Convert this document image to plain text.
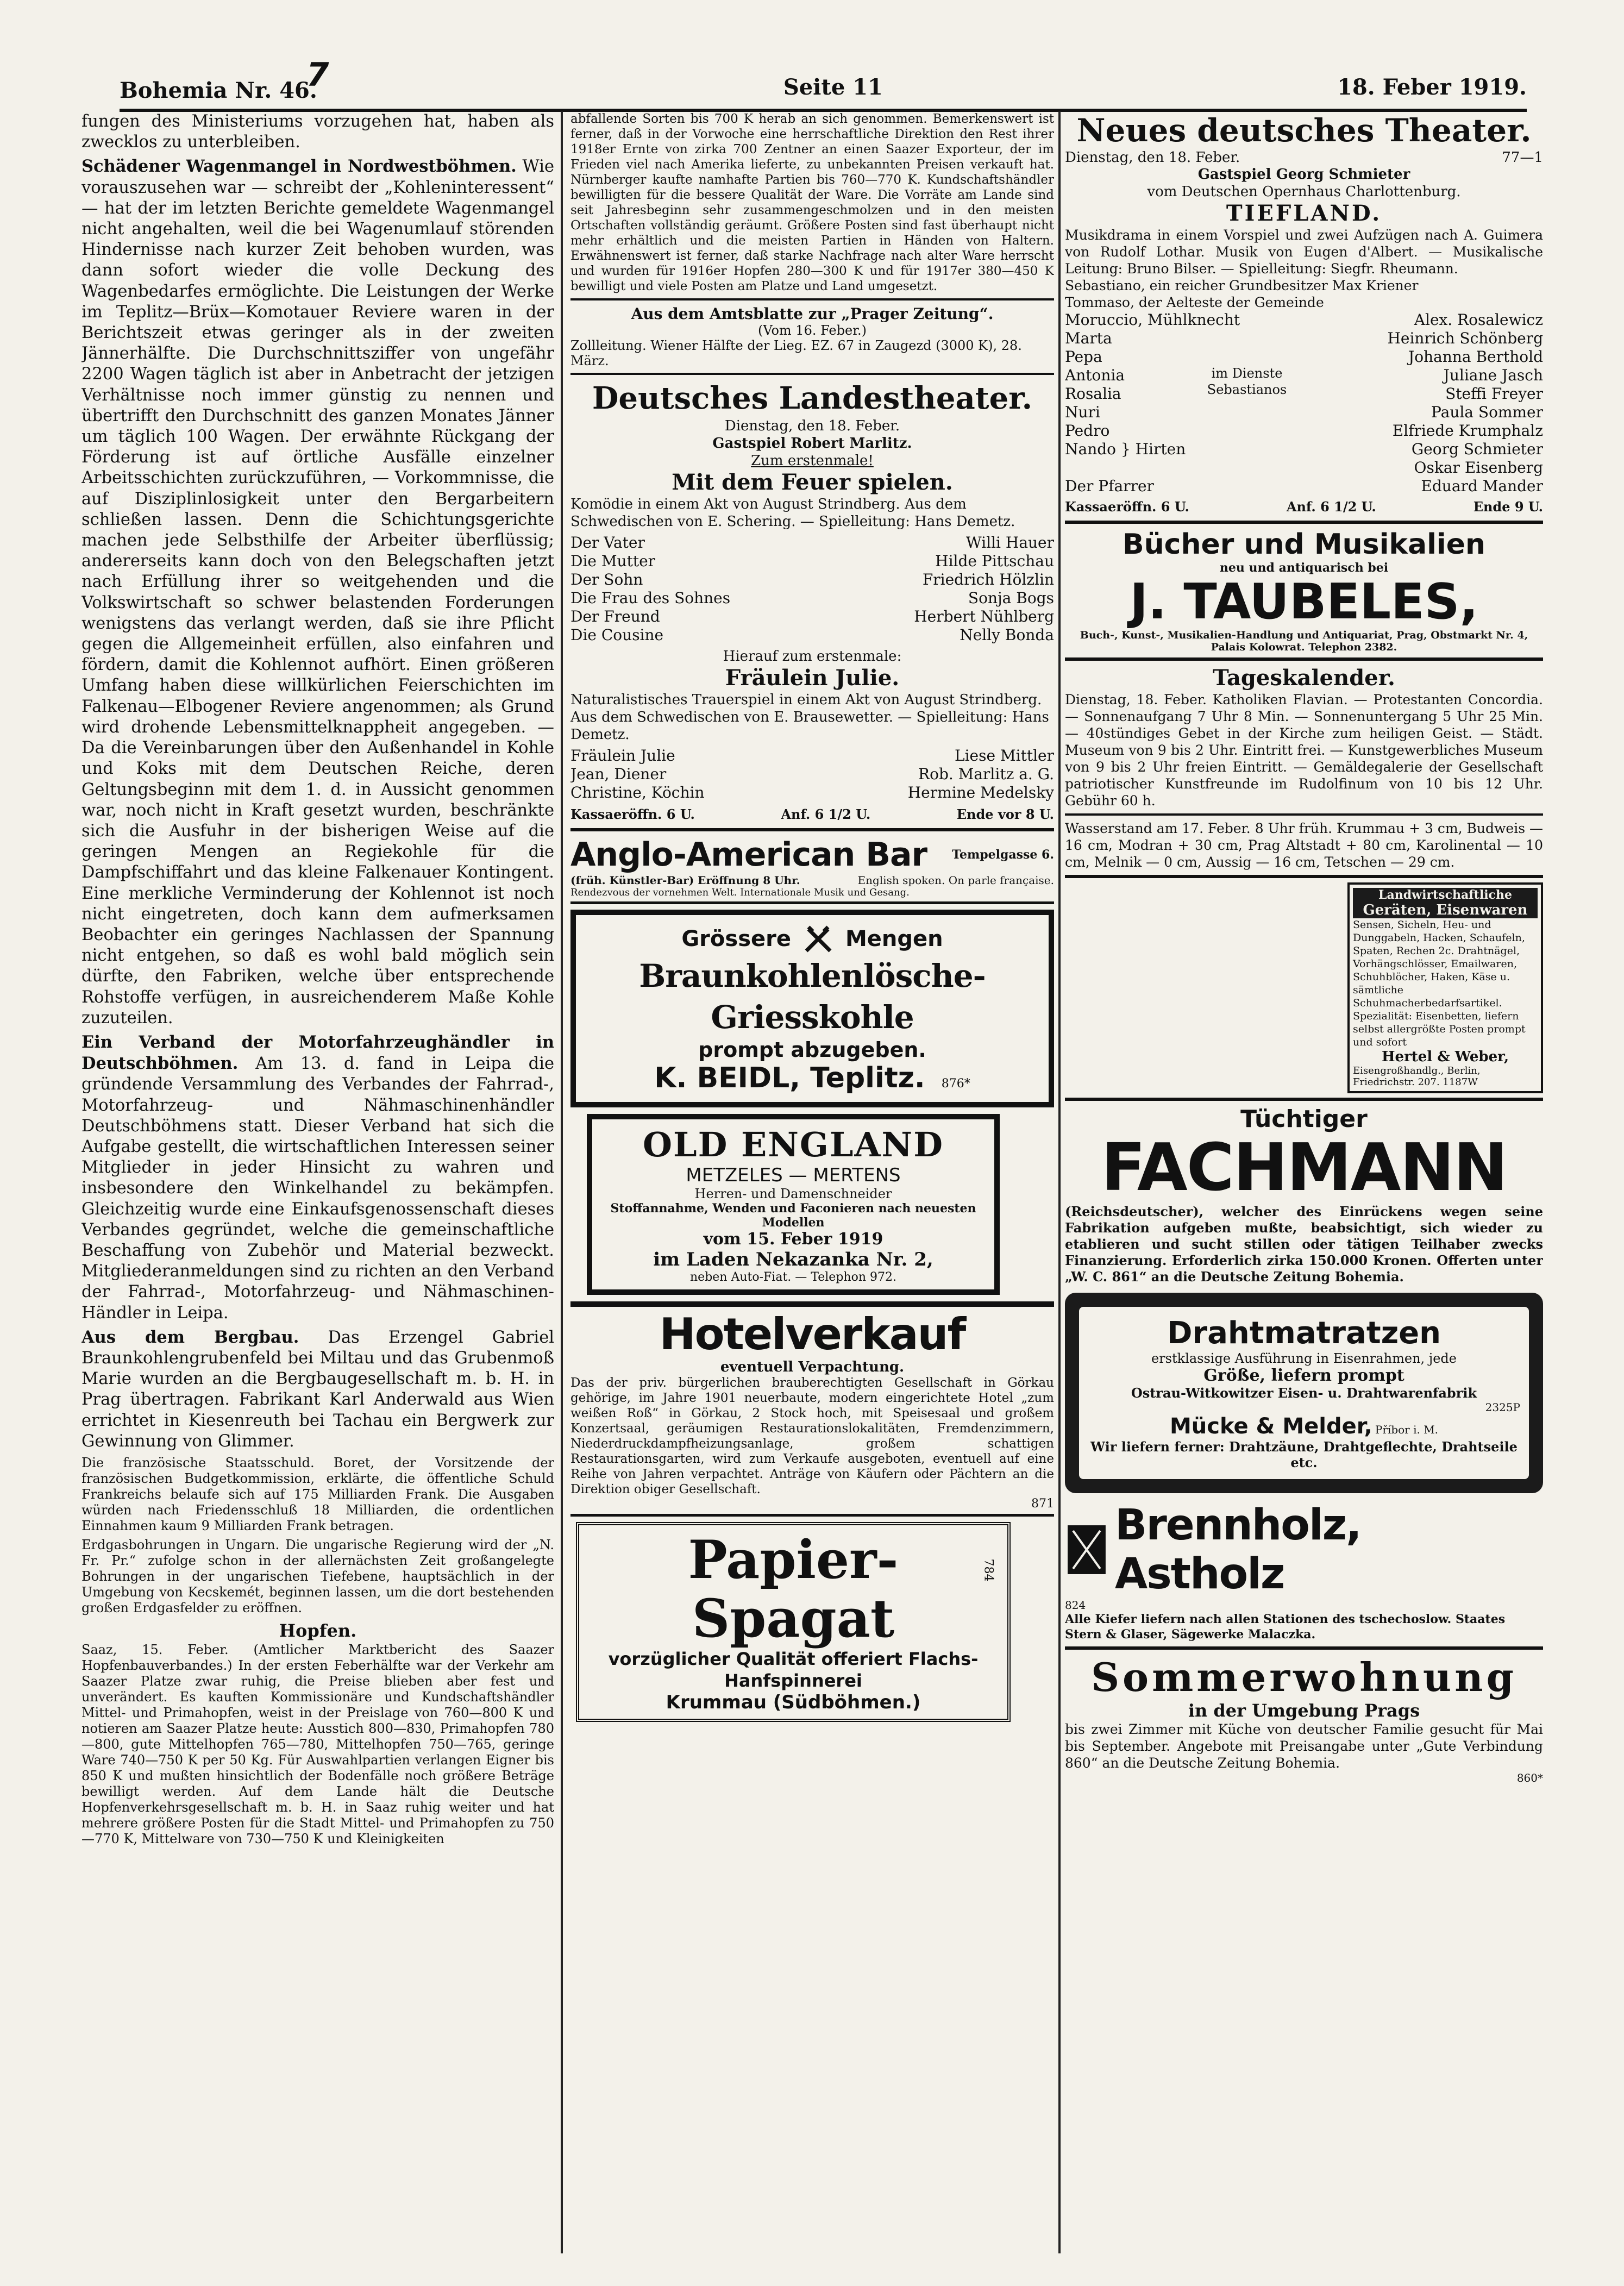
Bohemia Nr. 46.7	Seite 11	18. Feber 1919.

fungen des Ministeriums vorzugehen hat, haben als zwecklos zu unterbleiben.

Schädener Wagenmangel in Nordwestböhmen. Wie vorauszusehen war — schreibt der „Kohleninteressent“ — hat der im letzten Berichte gemeldete Wagenmangel nicht angehalten, weil die bei Wagenumlauf störenden Hindernisse nach kurzer Zeit behoben wurden, was dann sofort wieder die volle Deckung des Wagenbedarfes ermöglichte. Die Leistungen der Werke im Teplitz—Brüx—Komotauer Reviere waren in der Berichtszeit etwas geringer als in der zweiten Jännerhälfte. Die Durchschnittsziffer von ungefähr 2200 Wagen täglich ist aber in Anbetracht der jetzigen Verhältnisse noch immer günstig zu nennen und übertrifft den Durchschnitt des ganzen Monates Jänner um täglich 100 Wagen. Der erwähnte Rückgang der Förderung ist auf örtliche Ausfälle einzelner Arbeitsschichten zurückzuführen, — Vorkommnisse, die auf Disziplinlosigkeit unter den Bergarbeitern schließen lassen. Denn die Schichtungsgerichte machen jede Selbsthilfe der Arbeiter überflüssig; andererseits kann doch von den Belegschaften jetzt nach Erfüllung ihrer so weitgehenden und die Volkswirtschaft so schwer belastenden Forderungen wenigstens das verlangt werden, daß sie ihre Pflicht gegen die Allgemeinheit erfüllen, also einfahren und fördern, damit die Kohlennot aufhört. Einen größeren Umfang haben diese willkürlichen Feierschichten im Falkenau—Elbogener Reviere angenommen; als Grund wird drohende Lebensmittelknappheit angegeben. — Da die Vereinbarungen über den Außenhandel in Kohle und Koks mit dem Deutschen Reiche, deren Geltungsbeginn mit dem 1. d. in Aussicht genommen war, noch nicht in Kraft gesetzt wurden, beschränkte sich die Ausfuhr in der bisherigen Weise auf die geringen Mengen an Regiekohle für die Dampfschiffahrt und das kleine Falkenauer Kontingent. Eine merkliche Verminderung der Kohlennot ist noch nicht eingetreten, doch kann dem aufmerksamen Beobachter ein geringes Nachlassen der Spannung nicht entgehen, so daß es wohl bald möglich sein dürfte, den Fabriken, welche über entsprechende Rohstoffe verfügen, in ausreichenderem Maße Kohle zuzuteilen.

Ein Verband der Motorfahrzeughändler in Deutschböhmen. Am 13. d. fand in Leipa die gründende Versammlung des Verbandes der Fahrrad-, Motorfahrzeug- und Nähmaschinenhändler Deutschböhmens statt. Dieser Verband hat sich die Aufgabe gestellt, die wirtschaftlichen Interessen seiner Mitglieder in jeder Hinsicht zu wahren und insbesondere den Winkelhandel zu bekämpfen. Gleichzeitig wurde eine Einkaufsgenossenschaft dieses Verbandes gegründet, welche die gemeinschaftliche Beschaffung von Zubehör und Material bezweckt. Mitgliederanmeldungen sind zu richten an den Verband der Fahrrad-, Motorfahrzeug- und Nähmaschinen-Händler in Leipa.

Aus dem Bergbau. Das Erzengel Gabriel Braunkohlengrubenfeld bei Miltau und das Grubenmoß Marie wurden an die Bergbaugesellschaft m. b. H. in Prag übertragen. Fabrikant Karl Anderwald aus Wien errichtet in Kiesenreuth bei Tachau ein Bergwerk zur Gewinnung von Glimmer.

Die französische Staatsschuld. Boret, der Vorsitzende der französischen Budgetkommission, erklärte, die öffentliche Schuld Frankreichs belaufe sich auf 175 Milliarden Frank. Die Ausgaben würden nach Friedensschluß 18 Milliarden, die ordentlichen Einnahmen kaum 9 Milliarden Frank betragen.

Erdgasbohrungen in Ungarn. Die ungarische Regierung wird der „N. Fr. Pr.“ zufolge schon in der allernächsten Zeit großangelegte Bohrungen in der ungarischen Tiefebene, hauptsächlich in der Umgebung von Kecskemét, beginnen lassen, um die dort bestehenden großen Erdgasfelder zu eröffnen.

Hopfen.

Saaz, 15. Feber. (Amtlicher Marktbericht des Saazer Hopfenbauverbandes.) In der ersten Feberhälfte war der Verkehr am Saazer Platze zwar ruhig, die Preise blieben aber fest und unverändert. Es kauften Kommissionäre und Kundschaftshändler Mittel- und Primahopfen, weist in der Preislage von 760—800 K und notieren am Saazer Platze heute: Ausstich 800—830, Primahopfen 780—800, gute Mittelhopfen 765—780, Mittelhopfen 750—765, geringe Ware 740—750 K per 50 Kg. Für Auswahlpartien verlangen Eigner bis 850 K und mußten hinsichtlich der Bodenfälle noch größere Beträge bewilligt werden. Auf dem Lande hält die Deutsche Hopfenverkehrsgesellschaft m. b. H. in Saaz ruhig weiter und hat mehrere größere Posten für die Stadt Mittel- und Primahopfen zu 750—770 K, Mittelware von 730—750 K und Kleinigkeiten

abfallende Sorten bis 700 K herab an sich genommen. Bemerkenswert ist ferner, daß in der Vorwoche eine herrschaftliche Direktion den Rest ihrer 1918er Ernte von zirka 700 Zentner an einen Saazer Exporteur, der im Frieden viel nach Amerika lieferte, zu unbekannten Preisen verkauft hat. Nürnberger kaufte namhafte Partien bis 760—770 K. Kundschaftshändler bewilligten für die bessere Qualität der Ware. Die Vorräte am Lande sind seit Jahresbeginn sehr zusammengeschmolzen und in den meisten Ortschaften vollständig geräumt. Größere Posten sind fast überhaupt nicht mehr erhältlich und die meisten Partien in Händen von Haltern. Erwähnenswert ist ferner, daß starke Nachfrage nach alter Ware herrscht und wurden für 1916er Hopfen 280—300 K und für 1917er 380—450 K bewilligt und viele Posten am Platze und Land umgesetzt.

Aus dem Amtsblatte zur „Prager Zeitung“.
(Vom 16. Feber.)
Zollleitung. Wiener Hälfte der Lieg. EZ. 67 in Zaugezd (3000 K), 28. März.
Deutsches Landestheater.
Dienstag, den 18. Feber.
Gastspiel Robert Marlitz.
Zum erstenmale!
Mit dem Feuer spielen.
Komödie in einem Akt von August Strindberg. Aus dem Schwedischen von E. Schering. — Spielleitung: Hans Demetz.
Der Vater	Willi Hauer
Die Mutter	Hilde Pittschau
Der Sohn	Friedrich Hölzlin
Die Frau des Sohnes	Sonja Bogs
Der Freund	Herbert Nühlberg
Die Cousine	Nelly Bonda
Hierauf zum erstenmale:
Fräulein Julie.
Naturalistisches Trauerspiel in einem Akt von August Strindberg. Aus dem Schwedischen von E. Brausewetter. — Spielleitung: Hans Demetz.
Fräulein Julie	Liese Mittler
Jean, Diener	Rob. Marlitz a. G.
Christine, Köchin	Hermine Medelsky
Kassaeröffn. 6 U.	Anf. 6 1/2 U.	Ende vor 8 U.
Anglo-American Bar Tempelgasse 6.
(früh. Künstler-Bar) Eröffnung 8 Uhr.	English spoken. On parle française.
Rendezvous der vornehmen Welt. Internationale Musik und Gesang.
Grössere	Mengen
Braunkohlenlösche-Griesskohle
prompt abzugeben.
K. BEIDL, Teplitz. 876*
OLD ENGLAND
METZELES — MERTENS
Herren- und Damenschneider
Stoffannahme, Wenden und Faconieren nach neuesten Modellen
vom 15. Feber 1919
im Laden Nekazanka Nr. 2,
neben Auto-Fiat. — Telephon 972.
Hotelverkauf
eventuell Verpachtung.
Das der priv. bürgerlichen brauberechtigten Gesellschaft in Görkau gehörige, im Jahre 1901 neuerbaute, modern eingerichtete Hotel „zum weißen Roß“ in Görkau, 2 Stock hoch, mit Speisesaal und großem Konzertsaal, geräumigen Restaurationslokalitäten, Fremdenzimmern, Niederdruckdampfheizungsanlage, großem schattigen Restaurationsgarten, wird zum Verkaufe ausgeboten, eventuell auf eine Reihe von Jahren verpachtet. Anträge von Käufern oder Pächtern an die Direktion obiger Gesellschaft.
871
Papier-
Spagat
vorzüglicher Qualität offeriert Flachs-Hanfspinnerei
Krummau (Südböhmen.)
784
Neues deutsches Theater.
Dienstag, den 18. Feber.	77—1
Gastspiel Georg Schmieter
vom Deutschen Opernhaus Charlottenburg.
TIEFLAND.
Musikdrama in einem Vorspiel und zwei Aufzügen nach A. Guimera von Rudolf Lothar. Musik von Eugen d'Albert. — Musikalische Leitung: Bruno Bilser. — Spielleitung: Siegfr. Rheumann.
Sebastiano, ein reicher Grundbesitzer Max Kriener
Tommaso, der Aelteste der Gemeinde
Moruccio, Mühlknecht	Alex. Rosalewicz
Marta	Heinrich Schönberg
Pepa	Johanna Berthold
Antonia	Juliane Jasch
Rosalia	Steffi Freyer
Nuri	Paula Sommer
Pedro	Elfriede Krumphalz
Nando } Hirten	Georg Schmieter
Oskar Eisenberg
Der Pfarrer	Eduard Mander
im Dienste Sebastianos
Kassaeröffn. 6 U.	Anf. 6 1/2 U.	Ende 9 U.
Bücher und Musikalien
neu und antiquarisch bei
J. TAUBELES,
Buch-, Kunst-, Musikalien-Handlung und Antiquariat, Prag, Obstmarkt Nr. 4, Palais Kolowrat. Telephon 2382.
Tageskalender.
Dienstag, 18. Feber. Katholiken Flavian. — Protestanten Concordia. — Sonnenaufgang 7 Uhr 8 Min. — Sonnenuntergang 5 Uhr 25 Min. — 40stündiges Gebet in der Kirche zum heiligen Geist. — Städt. Museum von 9 bis 2 Uhr. Eintritt frei. — Kunstgewerbliches Museum von 9 bis 2 Uhr freien Eintritt. — Gemäldegalerie der Gesellschaft patriotischer Kunstfreunde im Rudolfinum von 10 bis 12 Uhr. Gebühr 60 h.
Wasserstand am 17. Feber. 8 Uhr früh. Krummau + 3 cm, Budweis — 16 cm, Modran + 30 cm, Prag Altstadt + 80 cm, Karolinental — 10 cm, Melnik — 0 cm, Aussig — 16 cm, Tetschen — 29 cm.
Landwirtschaftliche
Geräten, Eisenwaren
Sensen, Sicheln, Heu- und Dunggabeln, Hacken, Schaufeln, Spaten, Rechen 2c. Drahtnägel, Vorhängschlösser, Emailwaren, Schuhblöcher, Haken, Käse u. sämtliche Schuhmacherbedarfsartikel. Spezialität: Eisenbetten, liefern selbst allergrößte Posten prompt und sofort
Hertel & Weber,
Eisengroßhandlg., Berlin, Friedrichstr. 207. 1187W
Tüchtiger
FACHMANN
(Reichsdeutscher), welcher des Einrückens wegen seine Fabrikation aufgeben mußte, beabsichtigt, sich wieder zu etablieren und sucht stillen oder tätigen Teilhaber zwecks Finanzierung. Erforderlich zirka 150.000 Kronen. Offerten unter „W. C. 861“ an die Deutsche Zeitung Bohemia.
Drahtmatratzen
erstklassige Ausführung in Eisenrahmen, jede
Größe, liefern prompt
Ostrau-Witkowitzer Eisen- u. Drahtwarenfabrik
2325P
Mücke & Melder, Příbor i. M.
Wir liefern ferner: Drahtzäune, Drahtgeflechte, Drahtseile etc.
Brennholz, Astholz
824
Alle Kiefer liefern nach allen Stationen des tschechoslow. Staates Stern & Glaser, Sägewerke Malaczka.
Sommerwohnung
in der Umgebung Prags
bis zwei Zimmer mit Küche von deutscher Familie gesucht für Mai bis September. Angebote mit Preisangabe unter „Gute Verbindung 860“ an die Deutsche Zeitung Bohemia.
860*
